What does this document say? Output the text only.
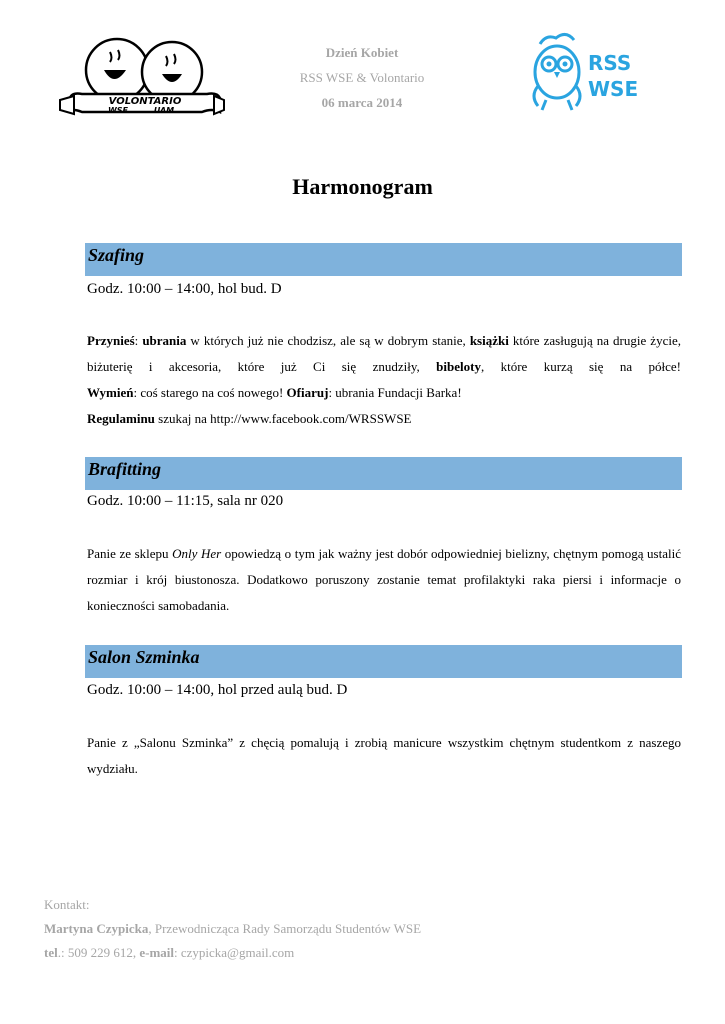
VOLONTARIO
WSE	UAM
Dzień Kobiet
RSS WSE & Volontario
06 marca 2014
RSS
WSE
Harmonogram
Szafing
Godz. 10:00 – 14:00, hol bud. D

Przynieś: ubrania w których już nie chodzisz, ale są w dobrym stanie, książki które zasługują na drugie życie, biżuterię i akcesoria, które już Ci się znudziły, bibeloty, które kurzą się na półce!

Wymień: coś starego na coś nowego! Ofiaruj: ubrania Fundacji Barka!

Regulaminu szukaj na http://www.facebook.com/WRSSWSE

Brafitting
Godz. 10:00 – 11:15, sala nr 020

Panie ze sklepu Only Her opowiedzą o tym jak ważny jest dobór odpowiedniej bielizny, chętnym pomogą ustalić rozmiar i krój biustonosza. Dodatkowo poruszony zostanie temat profilaktyki raka piersi i informacje o konieczności samobadania.

Salon Szminka
Godz. 10:00 – 14:00, hol przed aulą bud. D

Panie z „Salonu Szminka” z chęcią pomalują i zrobią manicure wszystkim chętnym studentkom z naszego wydziału.

Kontakt:
Martyna Czypicka, Przewodnicząca Rady Samorządu Studentów WSE
tel.: 509 229 612, e-mail: czypicka@gmail.com
